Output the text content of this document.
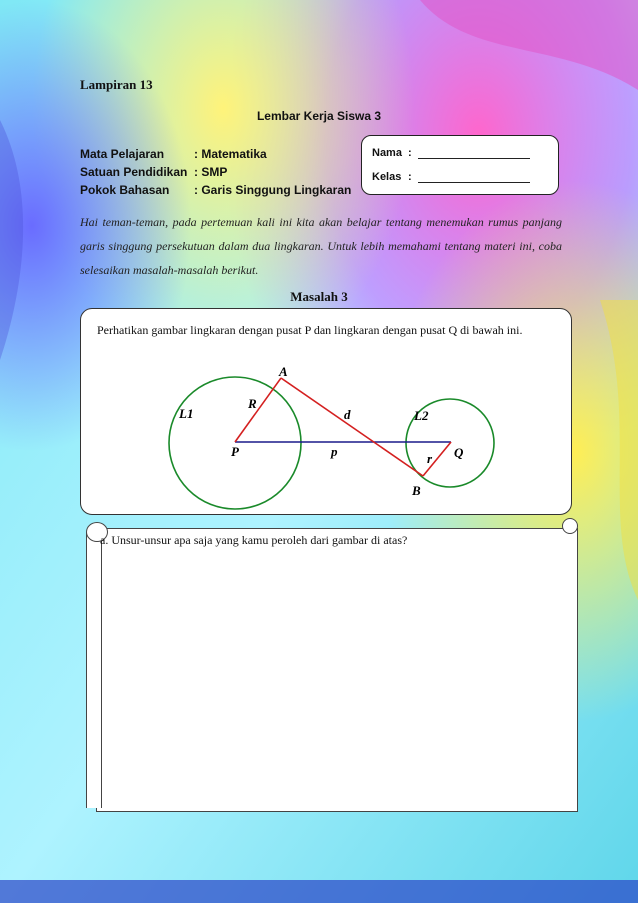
Lampiran 13
Lembar Kerja Siswa 3
Mata Pelajaran	: Matematika
Satuan Pendidikan : SMP
Pokok Bahasan	: Garis Singgung Lingkaran
Nama :
Kelas :
Hai teman-teman, pada pertemuan kali ini kita akan belajar tentang menemukan rumus panjang garis singgung persekutuan dalam dua lingkaran. Untuk lebih memahami tentang materi ini, coba selesaikan masalah-masalah berikut.
Masalah 3
Perhatikan gambar lingkaran dengan pusat P dan lingkaran dengan pusat Q di bawah ini.
A
R
L1	d	L2
P	p	r Q
B
a. Unsur-unsur apa saja yang kamu peroleh dari gambar di atas?
